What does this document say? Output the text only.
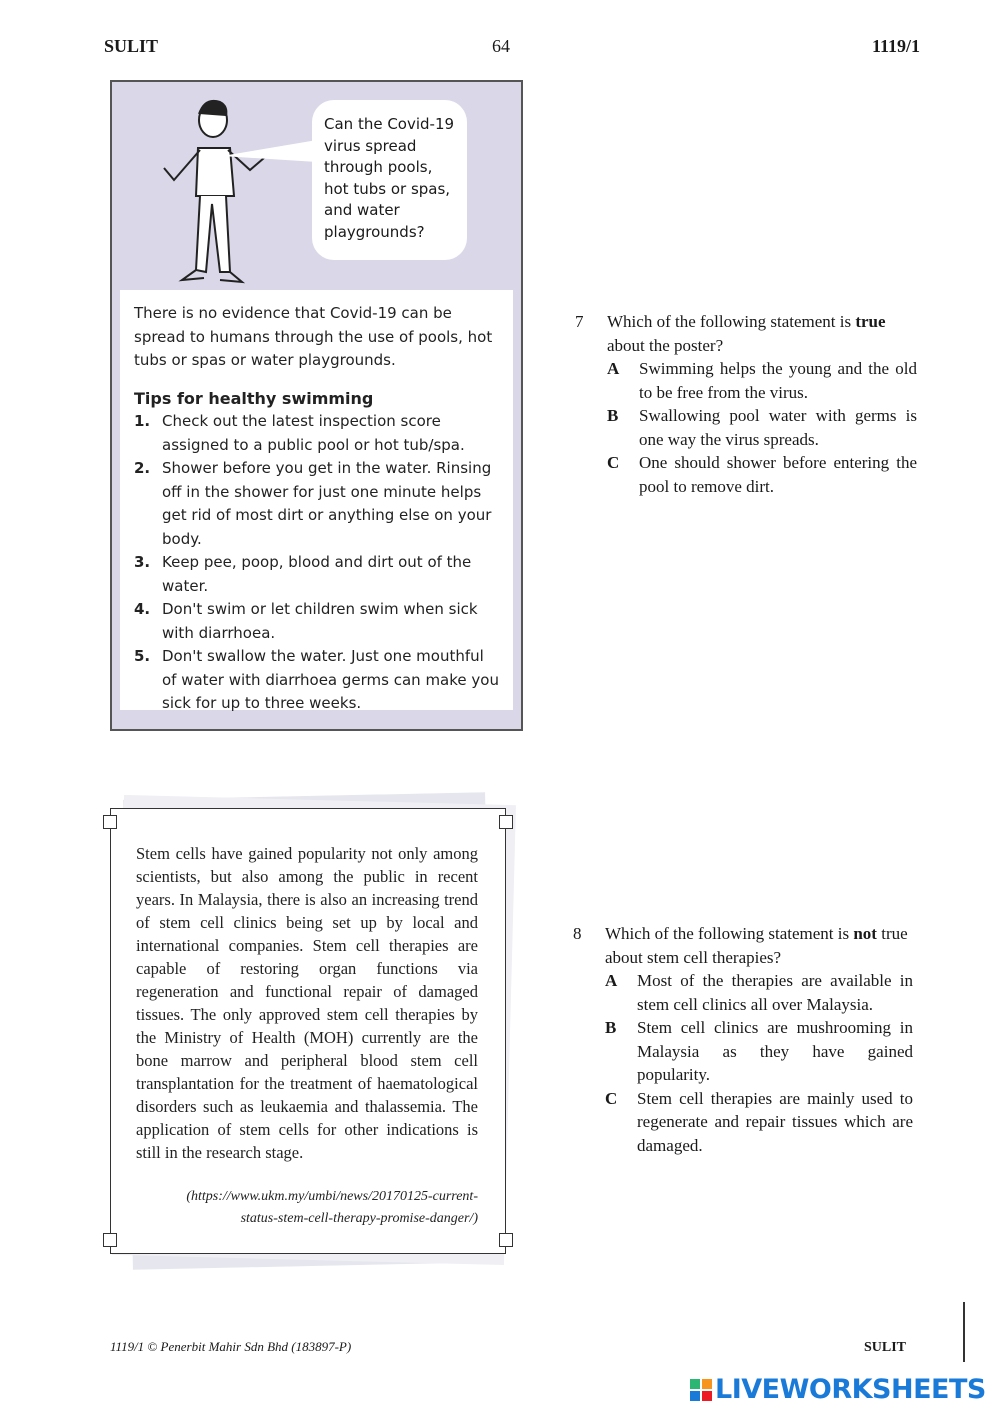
SULIT	64	1119/1
Can the Covid-19 virus spread through pools, hot tubs or spas, and water playgrounds?

There is no evidence that Covid-19 can be spread to humans through the use of pools, hot tubs or spas or water playgrounds.

Tips for healthy swimming

1. Check out the latest inspection score assigned to a public pool or hot tub/spa.
2. Shower before you get in the water. Rinsing off in the shower for just one minute helps get rid of most dirt or anything else on your body.
3. Keep pee, poop, blood and dirt out of the water.
4. Don't swim or let children swim when sick with diarrhoea.
5. Don't swallow the water. Just one mouthful of water with diarrhoea germs can make you sick for up to three weeks.
7 Which of the following statement is true about the poster?
A	Swimming helps the young and the old to be free from the virus.
B	Swallowing pool water with germs is one way the virus spreads.
C	One should shower before entering the pool to remove dirt.
Stem cells have gained popularity not only among scientists, but also among the public in recent years. In Malaysia, there is also an increasing trend of stem cell clinics being set up by local and international companies. Stem cell therapies are capable of restoring organ functions via regeneration and functional repair of damaged tissues. The only approved stem cell therapies by the Ministry of Health (MOH) currently are the bone marrow and peripheral blood stem cell transplantation for the treatment of haematological disorders such as leukaemia and thalassemia. The application of stem cells for other indications is still in the research stage.
(https://www.ukm.my/umbi/news/20170125-current-status-stem-cell-therapy-promise-danger/)
8 Which of the following statement is not true about stem cell therapies?
A	Most of the therapies are available in stem cell clinics all over Malaysia.
B	Stem cell clinics are mushrooming in Malaysia as they have gained popularity.
C	Stem cell therapies are mainly used to regenerate and repair tissues which are damaged.
1119/1 © Penerbit Mahir Sdn Bhd (183897-P)	SULIT
LIVEWORKSHEETS
